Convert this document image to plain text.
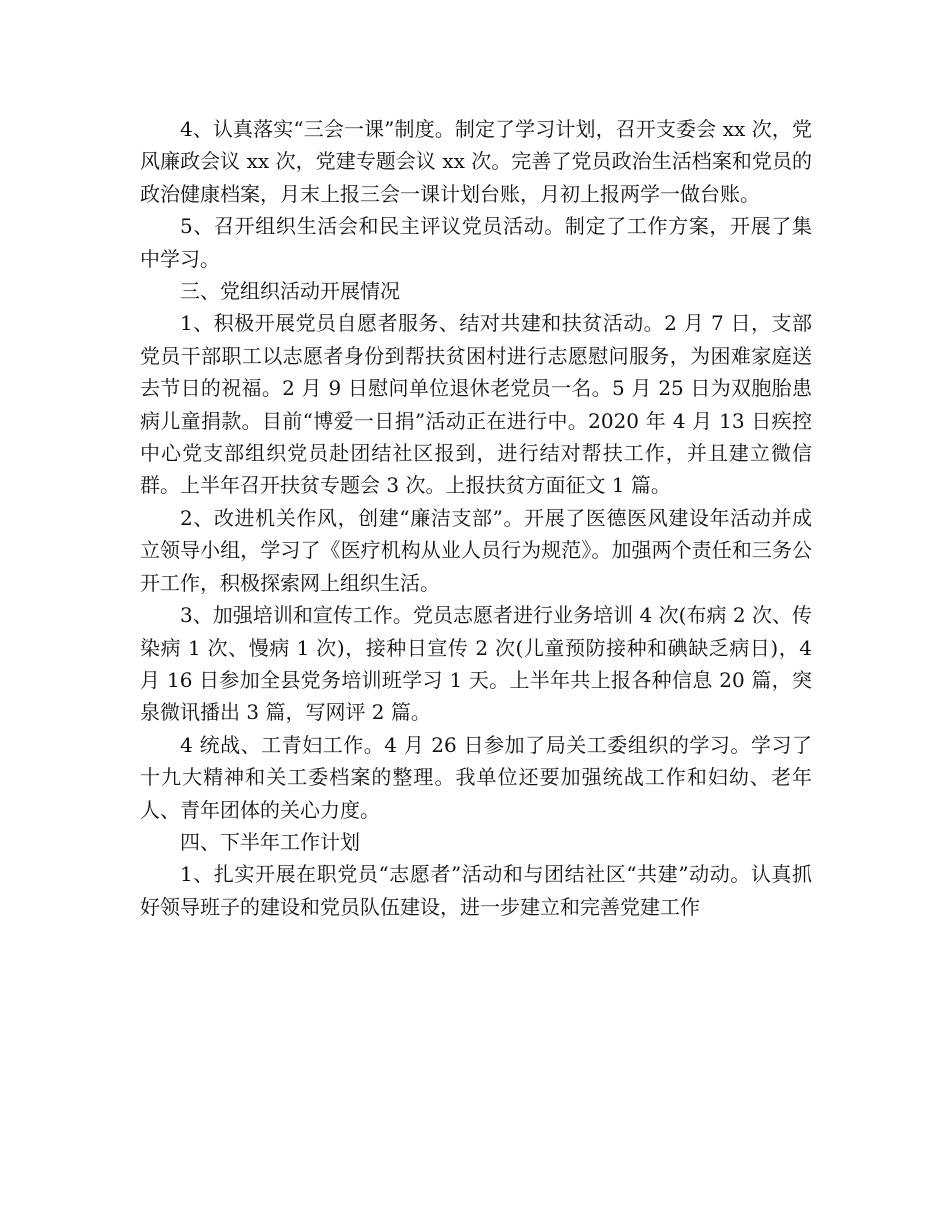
4、认真落实“三会一课”制度。制定了学习计划，召开支委会 xx 次，党风廉政会议 xx 次，党建专题会议 xx 次。完善了党员政治生活档案和党员的政治健康档案，月末上报三会一课计划台账，月初上报两学一做台账。

5、召开组织生活会和民主评议党员活动。制定了工作方案，开展了集中学习。

三、党组织活动开展情况

1、积极开展党员自愿者服务、结对共建和扶贫活动。2 月 7 日，支部党员干部职工以志愿者身份到帮扶贫困村进行志愿慰问服务，为困难家庭送去节日的祝福。2 月 9 日慰问单位退休老党员一名。5 月 25 日为双胞胎患病儿童捐款。目前“博爱一日捐”活动正在进行中。2020 年 4 月 13 日疾控中心党支部组织党员赴团结社区报到，进行结对帮扶工作，并且建立微信群。上半年召开扶贫专题会 3 次。上报扶贫方面征文 1 篇。

2、改进机关作风，创建“廉洁支部”。开展了医德医风建设年活动并成立领导小组，学习了《医疗机构从业人员行为规范》。加强两个责任和三务公开工作，积极探索网上组织生活。

3、加强培训和宣传工作。党员志愿者进行业务培训 4 次(布病 2 次、传染病 1 次、慢病 1 次)，接种日宣传 2 次(儿童预防接种和碘缺乏病日)，4 月 16 日参加全县党务培训班学习 1 天。上半年共上报各种信息 20 篇，突泉微讯播出 3 篇，写网评 2 篇。

4 统战、工青妇工作。4 月 26 日参加了局关工委组织的学习。学习了十九大精神和关工委档案的整理。我单位还要加强统战工作和妇幼、老年人、青年团体的关心力度。

四、下半年工作计划

1、扎实开展在职党员“志愿者”活动和与团结社区“共建”动动。认真抓好领导班子的建设和党员队伍建设，进一步建立和完善党建工作
